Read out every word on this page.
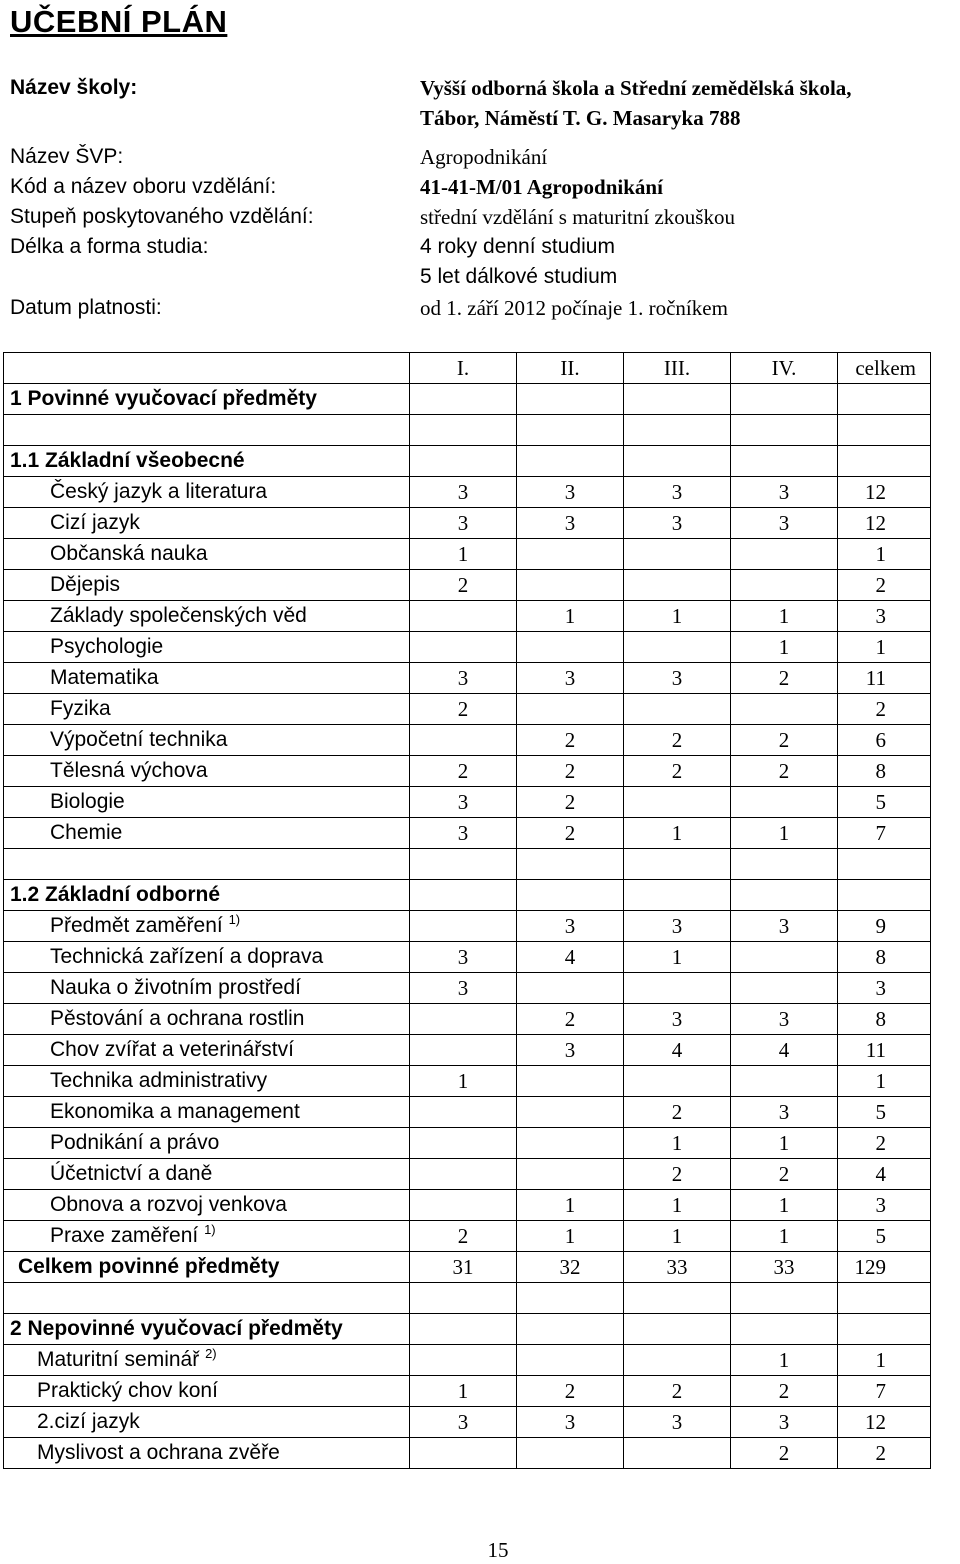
UČEBNÍ PLÁN
Název školy:	Vyšší odborná škola a Střední zemědělská škola,
Tábor, Náměstí T. G. Masaryka 788
Název ŠVP:	Agropodnikání
Kód a název oboru vzdělání:	41-41-M/01 Agropodnikání
Stupeň poskytovaného vzdělání:	střední vzdělání s maturitní zkouškou
Délka a forma studia:	4 roky denní studium
5 let dálkové studium
Datum platnosti:	od 1. září 2012 počínaje 1. ročníkem
	I.	II.	III.	IV.	celkem
1 Povinné vyučovací předměty					

1.1 Základní všeobecné					
Český jazyk a literatura	3	3	3	3	12
Cizí jazyk	3	3	3	3	12
Občanská nauka	1				1
Dějepis	2				2
Základy společenských věd		1	1	1	3
Psychologie				1	1
Matematika	3	3	3	2	11
Fyzika	2				2
Výpočetní technika		2	2	2	6
Tělesná výchova	2	2	2	2	8
Biologie	3	2			5
Chemie	3	2	1	1	7

1.2 Základní odborné					
Předmět zaměření $^{1)}$		3	3	3	9
Technická zařízení a doprava	3	4	1		8
Nauka o životním prostředí	3				3
Pěstování a ochrana rostlin		2	3	3	8
Chov zvířat a veterinářství		3	4	4	11
Technika administrativy	1				1
Ekonomika a management			2	3	5
Podnikání a právo			1	1	2
Účetnictví a daně			2	2	4
Obnova a rozvoj venkova		1	1	1	3
Praxe zaměření $^{1)}$	2	1	1	1	5
Celkem povinné předměty	31	32	33	33	129

2 Nepovinné vyučovací předměty					
Maturitní seminář $^{2)}$				1	1
Praktický chov koní	1	2	2	2	7
2.cizí jazyk	3	3	3	3	12
Myslivost a ochrana zvěře				2	2
15
